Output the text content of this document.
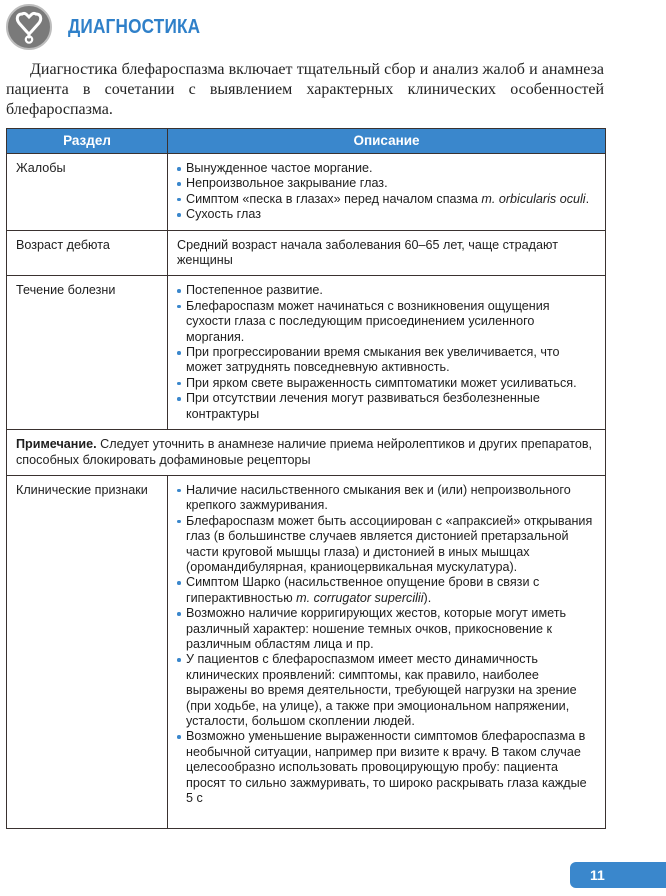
ДИАГНОСТИКА

Диагностика блефароспазма включает тщательный сбор и анализ жалоб и анамнеза пациента в сочетании с выявлением характерных клинических особенностей блефароспазма.

Раздел	Описание
Жалобы	Вынужденное частое моргание.
Непроизвольное закрывание глаз.
Симптом «песка в глазах» перед началом спазма m. orbicularis oculi.
Сухость глаз

Возраст дебюта	Средний возраст начала заболевания 60–65 лет, чаще страдают женщины
Течение болезни	Постепенное развитие.
Блефароспазм может начинаться с возникновения ощущения сухости глаза с последующим присоединением усиленного моргания.
При прогрессировании время смыкания век увеличивается, что может затруднять повседневную активность.
При ярком свете выраженность симптоматики может усиливаться.
При отсутствии лечения могут развиваться безболезненные контрактуры

Примечание. Следует уточнить в анамнезе наличие приема нейролептиков и других препаратов, способных блокировать дофаминовые рецепторы	
Клинические признаки	Наличие насильственного смыкания век и (или) непроизвольного крепкого зажмуривания.
Блефароспазм может быть ассоциирован с «апраксией» открывания глаз (в большинстве случаев является дистонией претарзальной части круговой мышцы глаза) и дистонией в иных мышцах (оромандибулярная, краниоцервикальная мускулатура).
Симптом Шарко (насильственное опущение брови в связи с гиперактивностью m. corrugator supercilii).
Возможно наличие корригирующих жестов, которые могут иметь различный характер: ношение темных очков, прикосновение к различным областям лица и пр.
У пациентов с блефароспазмом имеет место динамичность клинических проявлений: симптомы, как правило, наиболее выражены во время деятельности, требующей нагрузки на зрение (при ходьбе, на улице), а также при эмоциональном напряжении, усталости, большом скоплении людей.
Возможно уменьшение выраженности симптомов блефароспазма в необычной ситуации, например при визите к врачу. В таком случае целесообразно использовать провоцирующую пробу: пациента просят то сильно зажмуривать, то широко раскрывать глаза каждые 5 с
11
